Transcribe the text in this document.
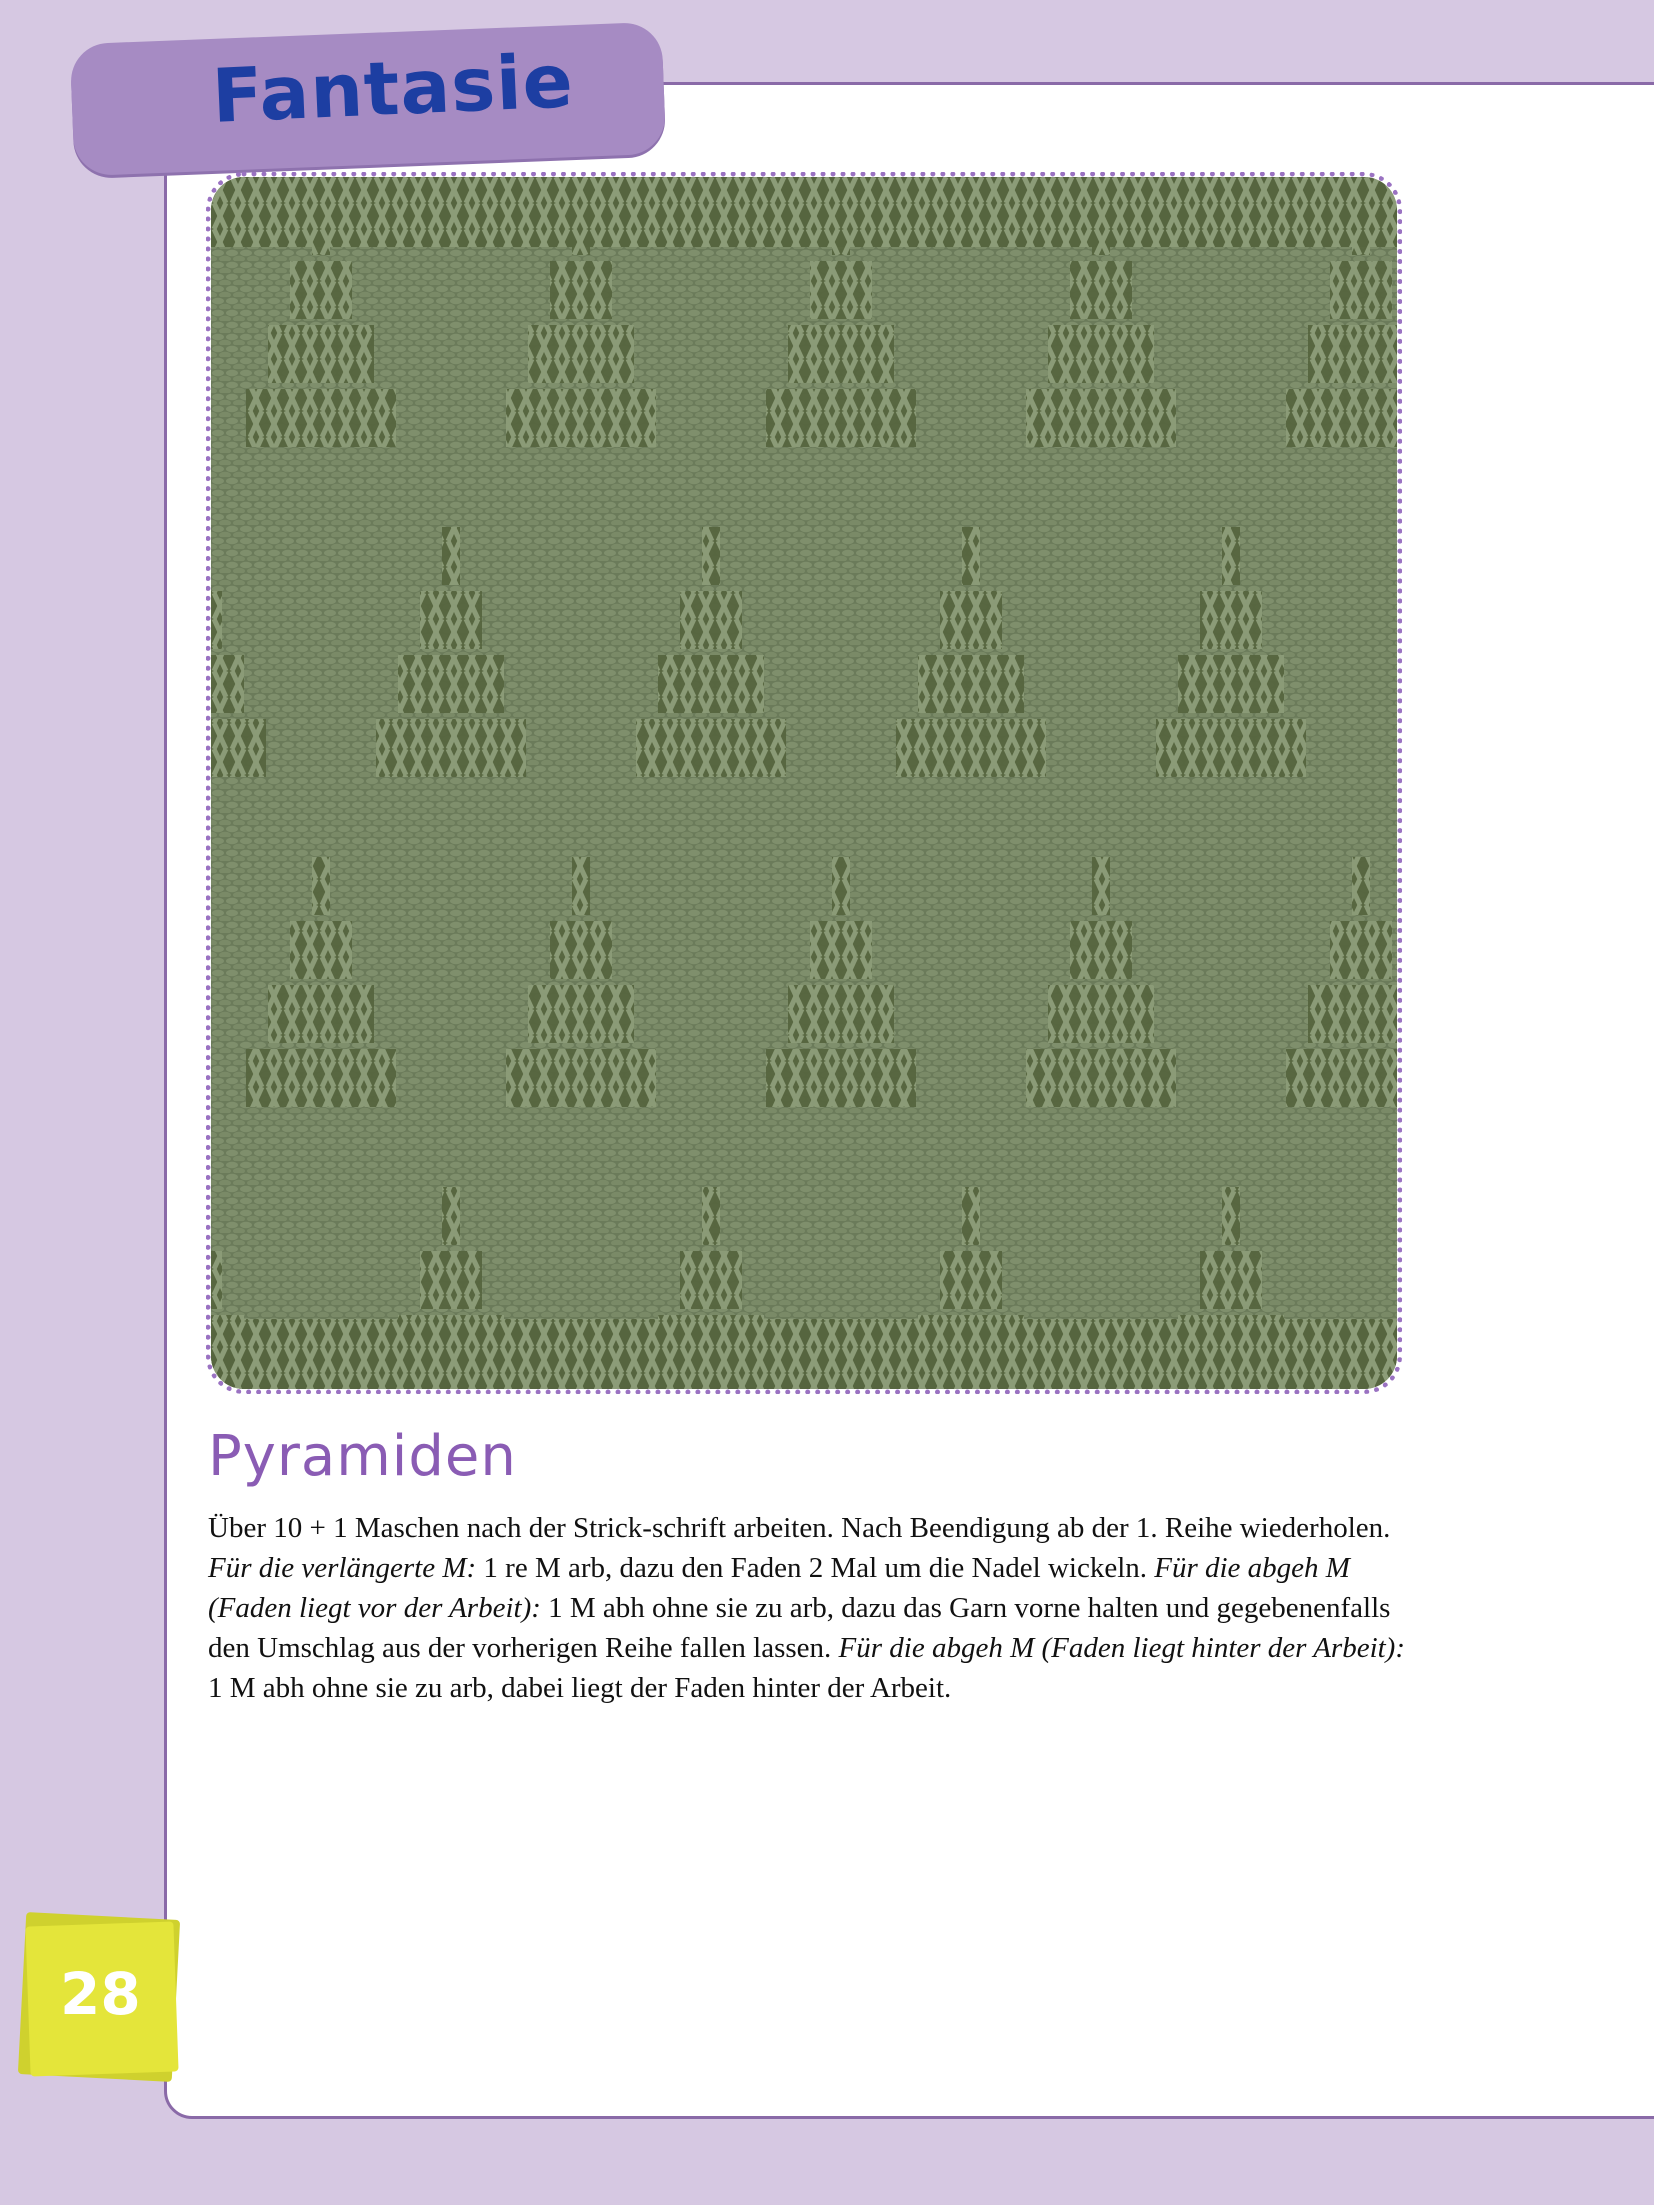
Fantasie
Pyramiden

Über 10 + 1 Maschen nach der Strick-schrift arbeiten. Nach Beendigung ab der 1. Reihe wiederholen.
Für die verlängerte M: 1 re M arb, dazu den Faden 2 Mal um die Nadel wickeln. Für die abgeh M (Faden liegt vor der Arbeit): 1 M abh ohne sie zu arb, dazu das Garn vorne halten und gegebenenfalls den Umschlag aus der vorherigen Reihe fallen lassen. Für die abgeh M (Faden liegt hinter der Arbeit): 1 M abh ohne sie zu arb, dabei liegt der Faden hinter der Arbeit.

28
